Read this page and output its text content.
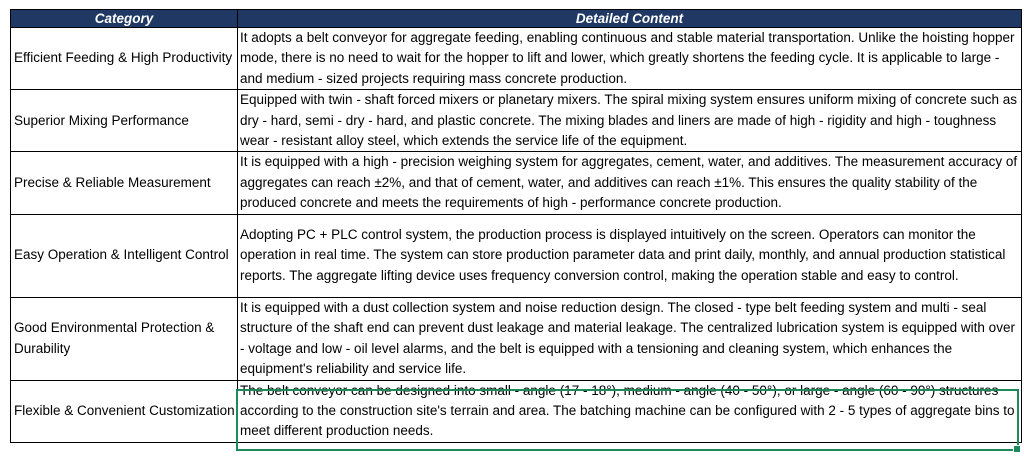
Category	Detailed Content
Efficient Feeding & High Productivity	It adopts a belt conveyor for aggregate feeding, enabling continuous and stable material transportation. Unlike the hoisting hopper mode, there is no need to wait for the hopper to lift and lower, which greatly shortens the feeding cycle. It is applicable to large - and medium - sized projects requiring mass concrete production.
Superior Mixing Performance	Equipped with twin - shaft forced mixers or planetary mixers. The spiral mixing system ensures uniform mixing of concrete such as dry - hard, semi - dry - hard, and plastic concrete. The mixing blades and liners are made of high - rigidity and high - toughness wear - resistant alloy steel, which extends the service life of the equipment.
Precise & Reliable Measurement	It is equipped with a high - precision weighing system for aggregates, cement, water, and additives. The measurement accuracy of aggregates can reach ±2%, and that of cement, water, and additives can reach ±1%. This ensures the quality stability of the produced concrete and meets the requirements of high - performance concrete production.
Easy Operation & Intelligent Control	Adopting PC + PLC control system, the production process is displayed intuitively on the screen. Operators can monitor the operation in real time. The system can store production parameter data and print daily, monthly, and annual production statistical reports. The aggregate lifting device uses frequency conversion control, making the operation stable and easy to control.
Good Environmental Protection & Durability	It is equipped with a dust collection system and noise reduction design. The closed - type belt feeding system and multi - seal structure of the shaft end can prevent dust leakage and material leakage. The centralized lubrication system is equipped with over - voltage and low - oil level alarms, and the belt is equipped with a tensioning and cleaning system, which enhances the equipment's reliability and service life.
Flexible & Convenient Customization	The belt conveyor can be designed into small - angle (17 - 18°), medium - angle (40 - 50°), or large - angle (60 - 90°) structures according to the construction site's terrain and area. The batching machine can be configured with 2 - 5 types of aggregate bins to meet different production needs.
